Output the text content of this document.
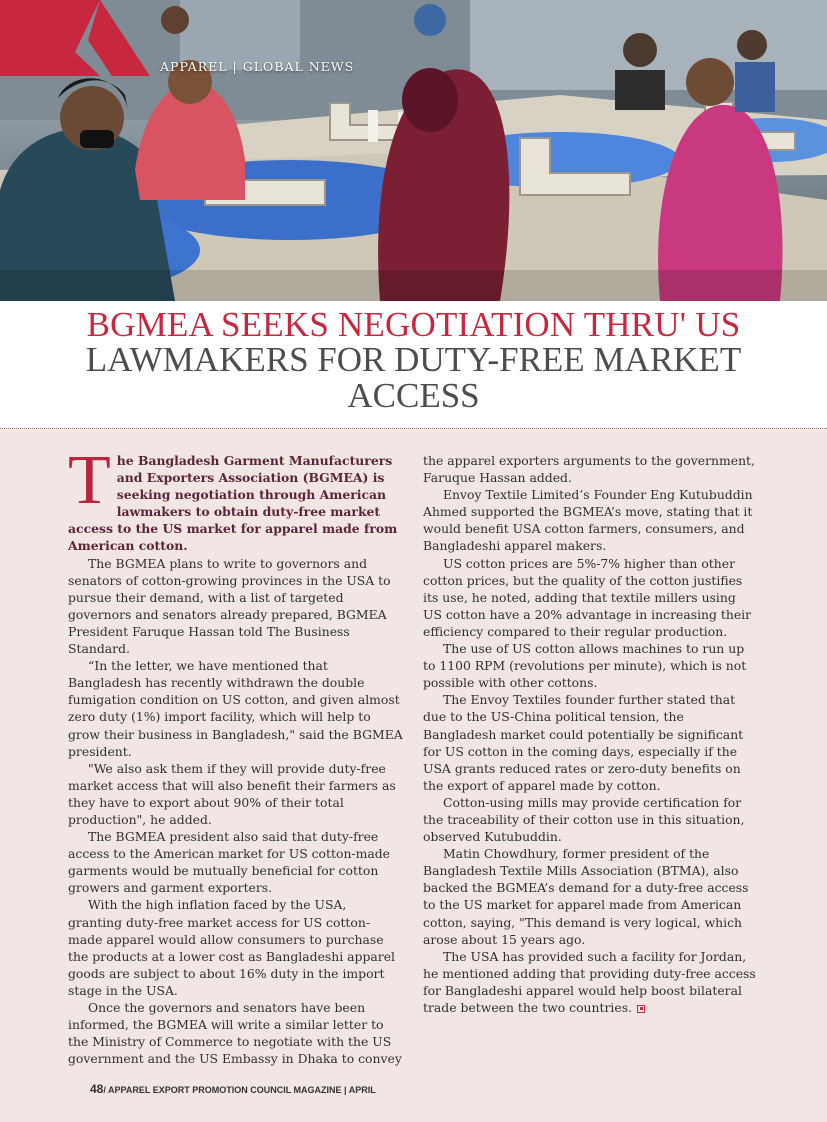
APPAREL | GLOBAL NEWS
BGMEA SEEKS NEGOTIATION THRU' US
LAWMAKERS FOR DUTY-FREE MARKET ACCESS

The Bangladesh Garment Manufacturers and Exporters Association (BGMEA) is seeking negotiation through American lawmakers to obtain duty-free market access to the US market for apparel made from American cotton.

The BGMEA plans to write to governors and senators of cotton-growing provinces in the USA to pursue their demand, with a list of targeted governors and senators already prepared, BGMEA President Faruque Hassan told The Business Standard.

“In the letter, we have mentioned that Bangladesh has recently withdrawn the double fumigation condition on US cotton, and given almost zero duty (1%) import facility, which will help to grow their business in Bangladesh," said the BGMEA president.

"We also ask them if they will provide duty-free market access that will also benefit their farmers as they have to export about 90% of their total production", he added.

The BGMEA president also said that duty-free access to the American market for US cotton-made garments would be mutually beneficial for cotton growers and garment exporters.

With the high inflation faced by the USA, granting duty-free market access for US cotton-made apparel would allow consumers to purchase the products at a lower cost as Bangladeshi apparel goods are subject to about 16% duty in the import stage in the USA.

Once the governors and senators have been informed, the BGMEA will write a similar letter to the Ministry of Commerce to negotiate with the US government and the US Embassy in Dhaka to convey

the apparel exporters arguments to the government, Faruque Hassan added.

Envoy Textile Limited’s Founder Eng Kutubuddin Ahmed supported the BGMEA’s move, stating that it would benefit USA cotton farmers, consumers, and Bangladeshi apparel makers.

US cotton prices are 5%-7% higher than other cotton prices, but the quality of the cotton justifies its use, he noted, adding that textile millers using US cotton have a 20% advantage in increasing their efficiency compared to their regular production.

The use of US cotton allows machines to run up to 1100 RPM (revolutions per minute), which is not possible with other cottons.

The Envoy Textiles founder further stated that due to the US-China political tension, the Bangladesh market could potentially be significant for US cotton in the coming days, especially if the USA grants reduced rates or zero-duty benefits on the export of apparel made by cotton.

Cotton-using mills may provide certification for the traceability of their cotton use in this situation, observed Kutubuddin.

Matin Chowdhury, former president of the Bangladesh Textile Mills Association (BTMA), also backed the BGMEA’s demand for a duty-free access to the US market for apparel made from American cotton, saying, "This demand is very logical, which arose about 15 years ago.

The USA has provided such a facility for Jordan, he mentioned adding that providing duty-free access for Bangladeshi apparel would help boost bilateral trade between the two countries.

48/ APPAREL EXPORT PROMOTION COUNCIL MAGAZINE | APRIL
